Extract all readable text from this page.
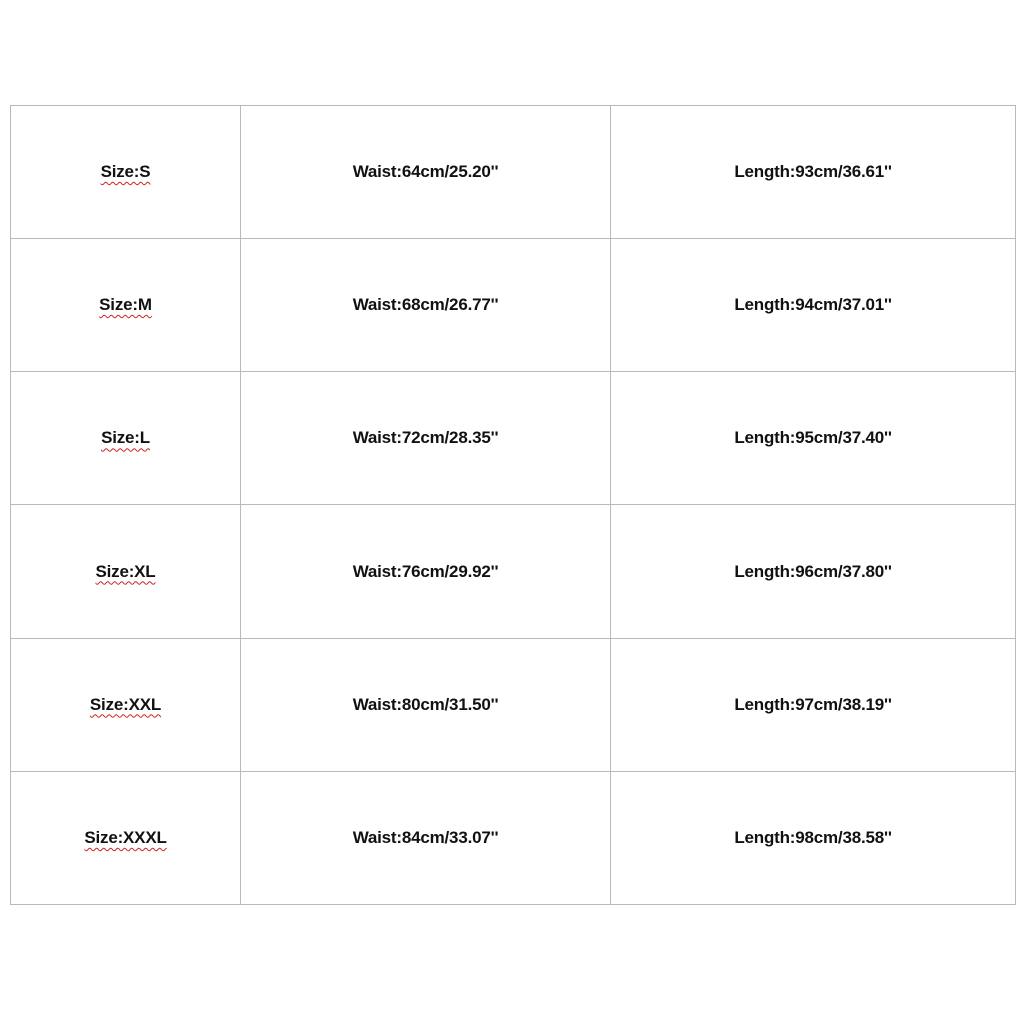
Size:S	Waist:64cm/25.20''	Length:93cm/36.61''
Size:M	Waist:68cm/26.77''	Length:94cm/37.01''
Size:L	Waist:72cm/28.35''	Length:95cm/37.40''
Size:XL	Waist:76cm/29.92''	Length:96cm/37.80''
Size:XXL	Waist:80cm/31.50''	Length:97cm/38.19''
Size:XXXL	Waist:84cm/33.07''	Length:98cm/38.58''
